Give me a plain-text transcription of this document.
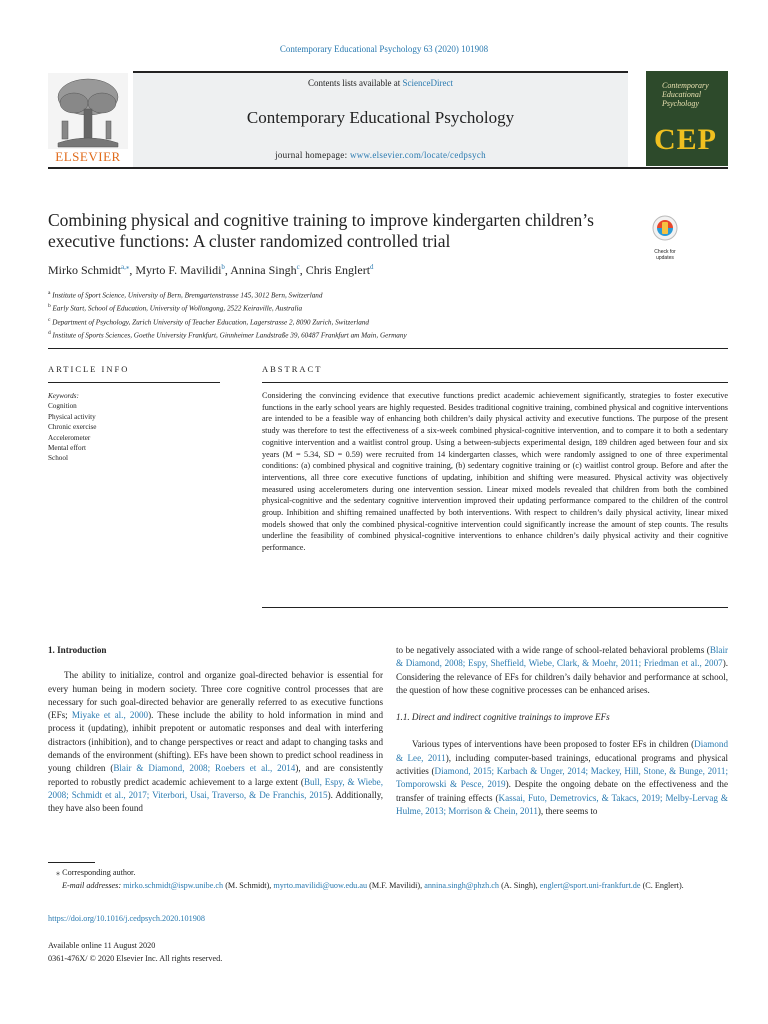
Contemporary Educational Psychology 63 (2020) 101908
ELSEVIER
Contents lists available at ScienceDirect
Contemporary Educational Psychology
journal homepage: www.elsevier.com/locate/cedpsych
Contemporary Educational Psychology
CEP
Combining physical and cognitive training to improve kindergarten children’s executive functions: A cluster randomized controlled trial
Check for updates
Mirko Schmidt$^{a,⁎}$, Myrto F. Mavilidi$^b$, Annina Singh$^c$, Chris Englert$^d$
$^a$ Institute of Sport Science, University of Bern, Bremgartenstrasse 145, 3012 Bern, Switzerland
$^b$ Early Start, School of Education, University of Wollongong, 2522 Keiraville, Australia
$^c$ Department of Psychology, Zurich University of Teacher Education, Lagerstrasse 2, 8090 Zurich, Switzerland
$^d$ Institute of Sports Sciences, Goethe University Frankfurt, Ginnheimer Landstraße 39, 60487 Frankfurt am Main, Germany
ARTICLE INFO	ABSTRACT
Keywords:
Cognition
Physical activity
Chronic exercise
Accelerometer
Mental effort
School
Considering the convincing evidence that executive functions predict academic achievement significantly, strategies to foster executive functions in the early school years are highly requested. Besides traditional cognitive training, combined physical and cognitive interventions are intended to be a feasible way of enhancing both children’s daily physical activity and executive functions. The purpose of the present study was therefore to test the effectiveness of a six-week combined physical-cognitive intervention, and to compare it to both a sedentary cognitive intervention and a waitlist control group. Using a between-subjects experimental design, 189 children aged between four and six years (M = 5.34, SD = 0.59) were recruited from 14 kindergarten classes, which were randomly assigned to one of three experimental conditions: (a) combined physical and cognitive training, (b) sedentary cognitive training or (c) waitlist control group. Before and after the interventions, all three core executive functions of updating, inhibition and shifting were measured. Physical activity was objectively measured using accelerometers during one intervention session. Linear mixed models revealed that children from both the combined physical-cognitive and the sedentary cognitive intervention improved their updating performance compared to the children of the control group. Inhibition and shifting remained unaffected by both interventions. With respect to children’s daily physical activity, linear mixed models showed that only the combined physical-cognitive intervention could significantly increase the amount of step counts. The results underline the feasibility of combined physical-cognitive interventions to enhance children’s daily physical activity and their cognitive performance.

1. Introduction

The ability to initialize, control and organize goal-directed behavior is essential for every human being in modern society. Three core cognitive control processes that are necessary for such goal-directed behavior are generally referred to as executive functions (EFs; Miyake et al., 2000). These include the ability to hold information in mind and process it (updating), inhibit prepotent or automatic responses and deal with interfering distractors (inhibition), and to change perspectives or react and adapt to changing tasks and demands of the environment (shifting). EFs have been shown to predict school readiness in young children (Blair & Diamond, 2008; Roebers et al., 2014), and are consistently reported to robustly predict academic achievement to a large extent (Bull, Espy, & Wiebe, 2008; Schmidt et al., 2017; Viterbori, Usai, Traverso, & De Franchis, 2015). Additionally, they have also been found

to be negatively associated with a wide range of school-related behavioral problems (Blair & Diamond, 2008; Espy, Sheffield, Wiebe, Clark, & Moehr, 2011; Friedman et al., 2007). Considering the relevance of EFs for children’s daily behavior and performance at school, the question of how these cognitive processes can be enhanced arises.

1.1. Direct and indirect cognitive trainings to improve EFs

Various types of interventions have been proposed to foster EFs in children (Diamond & Lee, 2011), including computer-based trainings, educational programs and physical activities (Diamond, 2015; Karbach & Unger, 2014; Mackey, Hill, Stone, & Bunge, 2011; Tomporowski & Pesce, 2019). Despite the ongoing debate on the effectiveness and the transfer of training effects (Kassai, Futo, Demetrovics, & Takacs, 2019; Melby-Lervag & Hulme, 2013; Morrison & Chein, 2011), there seems to

⁎ Corresponding author.
E-mail addresses: mirko.schmidt@ispw.unibe.ch (M. Schmidt), myrto.mavilidi@uow.edu.au (M.F. Mavilidi), annina.singh@phzh.ch (A. Singh), englert@sport.uni-frankfurt.de (C. Englert).
https://doi.org/10.1016/j.cedpsych.2020.101908
Available online 11 August 2020
0361-476X/ © 2020 Elsevier Inc. All rights reserved.
